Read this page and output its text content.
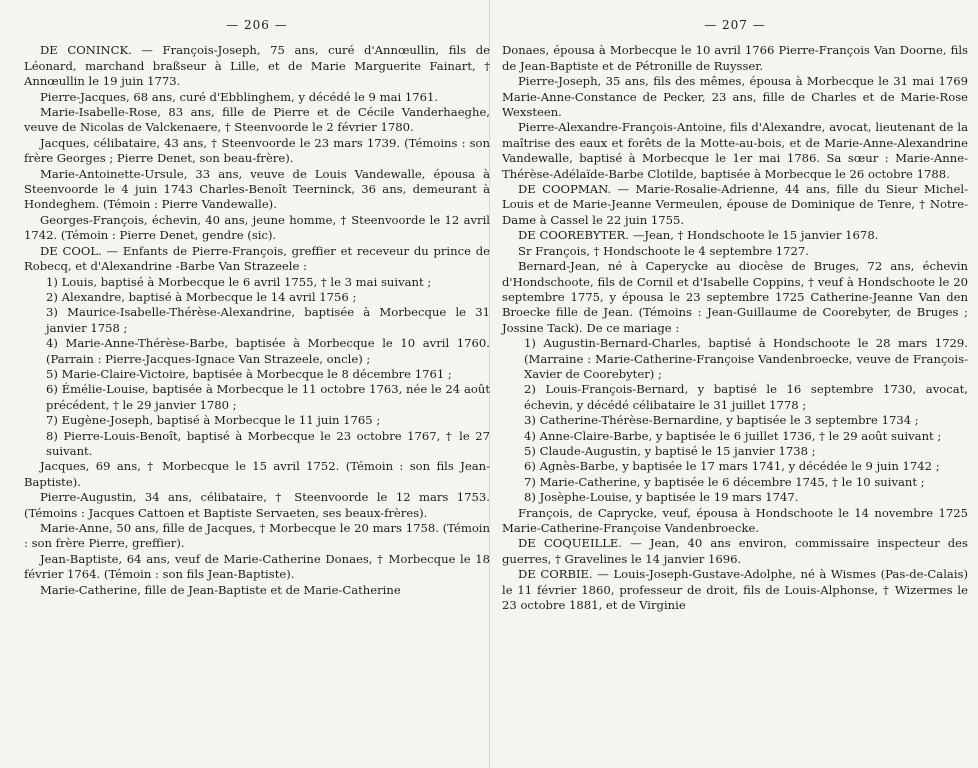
— 206 —

DE CONINCK. — François-Joseph, 75 ans, curé d'Annœullin, fils de Léonard, marchand braßseur à Lille, et de Marie Marguerite Fainart, † Annœullin le 19 juin 1773.

Pierre-Jacques, 68 ans, curé d'Ebblinghem, y décédé le 9 mai 1761.

Marie-Isabelle-Rose, 83 ans, fille de Pierre et de Cécile Vanderhaeghe, veuve de Nicolas de Valckenaere, † Steenvoorde le 2 février 1780.

Jacques, célibataire, 43 ans, † Steenvoorde le 23 mars 1739. (Témoins : son frère Georges ; Pierre Denet, son beau-frère).

Marie-Antoinette-Ursule, 33 ans, veuve de Louis Vandewalle, épousa à Steenvoorde le 4 juin 1743 Charles-Benoît Teerninck, 36 ans, demeurant à Hondeghem. (Témoin : Pierre Vandewalle).

Georges-François, échevin, 40 ans, jeune homme, † Steenvoorde le 12 avril 1742. (Témoin : Pierre Denet, gendre (sic).

DE COOL. — Enfants de Pierre-François, greffier et receveur du prince de Robecq, et d'Alexandrine -Barbe Van Strazeele :

1) Louis, baptisé à Morbecque le 6 avril 1755, † le 3 mai suivant ;

2) Alexandre, baptisé à Morbecque le 14 avril 1756 ;

3) Maurice-Isabelle-Thérèse-Alexandrine, baptisée à Morbecque le 31 janvier 1758 ;

4) Marie-Anne-Thérèse-Barbe, baptisée à Morbecque le 10 avril 1760. (Parrain : Pierre-Jacques-Ignace Van Strazeele, oncle) ;

5) Marie-Claire-Victoire, baptisée à Morbecque le 8 décembre 1761 ;

6) Émélie-Louise, baptisée à Morbecque le 11 octobre 1763, née le 24 août précédent, † le 29 janvier 1780 ;

7) Eugène-Joseph, baptisé à Morbecque le 11 juin 1765 ;

8) Pierre-Louis-Benoît, baptisé à Morbecque le 23 octobre 1767, † le 27 suivant.

Jacques, 69 ans, † Morbecque le 15 avril 1752. (Témoin : son fils Jean-Baptiste).

Pierre-Augustin, 34 ans, célibataire, † Steenvoorde le 12 mars 1753. (Témoins : Jacques Cattoen et Baptiste Servaeten, ses beaux-frères).

Marie-Anne, 50 ans, fille de Jacques, † Morbecque le 20 mars 1758. (Témoin : son frère Pierre, greffier).

Jean-Baptiste, 64 ans, veuf de Marie-Catherine Donaes, † Morbecque le 18 février 1764. (Témoin : son fils Jean-Baptiste).

Marie-Catherine, fille de Jean-Baptiste et de Marie-Catherine

— 207 —

Donaes, épousa à Morbecque le 10 avril 1766 Pierre-François Van Doorne, fils de Jean-Baptiste et de Pétronille de Ruysser.

Pierre-Joseph, 35 ans, fils des mêmes, épousa à Morbecque le 31 mai 1769 Marie-Anne-Constance de Pecker, 23 ans, fille de Charles et de Marie-Rose Wexsteen.

Pierre-Alexandre-François-Antoine, fils d'Alexandre, avocat, lieutenant de la maîtrise des eaux et forêts de la Motte-au-bois, et de Marie-Anne-Alexandrine Vandewalle, baptisé à Morbecque le 1er mai 1786. Sa sœur : Marie-Anne-Thérèse-Adélaïde-Barbe Clotilde, baptisée à Morbecque le 26 octobre 1788.

DE COOPMAN. — Marie-Rosalie-Adrienne, 44 ans, fille du Sieur Michel-Louis et de Marie-Jeanne Vermeulen, épouse de Dominique de Tenre, † Notre-Dame à Cassel le 22 juin 1755.

DE COOREBYTER. —Jean, † Hondschoote le 15 janvier 1678.

Sr François, † Hondschoote le 4 septembre 1727.

Bernard-Jean, né à Caperycke au diocèse de Bruges, 72 ans, échevin d'Hondschoote, fils de Cornil et d'Isabelle Coppins, † veuf à Hondschoote le 20 septembre 1775, y épousa le 23 septembre 1725 Catherine-Jeanne Van den Broecke fille de Jean. (Témoins : Jean-Guillaume de Coorebyter, de Bruges ; Jossine Tack). De ce mariage :

1) Augustin-Bernard-Charles, baptisé à Hondschoote le 28 mars 1729. (Marraine : Marie-Catherine-Françoise Vandenbroecke, veuve de François-Xavier de Coorebyter) ;

2) Louis-François-Bernard, y baptisé le 16 septembre 1730, avocat, échevin, y décédé célibataire le 31 juillet 1778 ;

3) Catherine-Thérèse-Bernardine, y baptisée le 3 septembre 1734 ;

4) Anne-Claire-Barbe, y baptisée le 6 juillet 1736, † le 29 août suivant ;

5) Claude-Augustin, y baptisé le 15 janvier 1738 ;

6) Agnès-Barbe, y baptisée le 17 mars 1741, y décédée le 9 juin 1742 ;

7) Marie-Catherine, y baptisée le 6 décembre 1745, † le 10 suivant ;

8) Josèphe-Louise, y baptisée le 19 mars 1747.

François, de Caprycke, veuf, épousa à Hondschoote le 14 novembre 1725 Marie-Catherine-Françoise Vandenbroecke.

DE COQUEILLE. — Jean, 40 ans environ, commissaire inspecteur des guerres, † Gravelines le 14 janvier 1696.

DE CORBIE. — Louis-Joseph-Gustave-Adolphe, né à Wismes (Pas-de-Calais) le 11 février 1860, professeur de droit, fils de Louis-Alphonse, † Wizermes le 23 octobre 1881, et de Virginie
